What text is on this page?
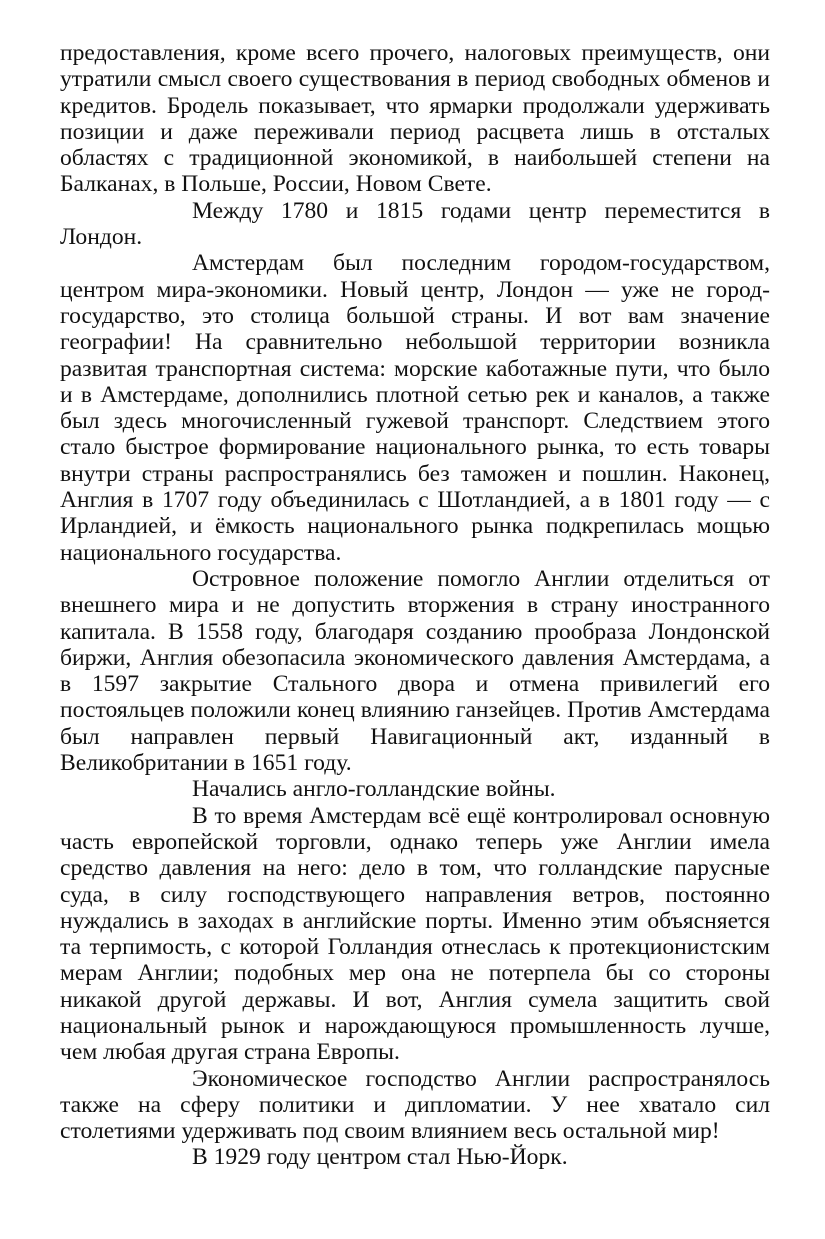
предоставления, кроме всего прочего, налоговых преимуществ, они утратили смысл своего существования в период свободных обменов и кредитов. Бродель показывает, что ярмарки продолжали удерживать позиции и даже переживали период расцвета лишь в отсталых областях с традиционной экономикой, в наибольшей степени на Балканах, в Польше, России, Новом Свете.

Между 1780 и 1815 годами центр переместится в Лондон.

Амстердам был последним городом-государством, центром мира-экономики. Новый центр, Лондон — уже не город-государство, это столица большой страны. И вот вам значение географии! На сравнительно небольшой территории возникла развитая транспортная система: морские каботажные пути, что было и в Амстердаме, дополнились плотной сетью рек и каналов, а также был здесь многочисленный гужевой транспорт. Следствием этого стало быстрое формирование национального рынка, то есть товары внутри страны распространялись без таможен и пошлин. Наконец, Англия в 1707 году объединилась с Шотландией, а в 1801 году — с Ирландией, и ёмкость национального рынка подкрепилась мощью национального государства.

Островное положение помогло Англии отделиться от внешнего мира и не допустить вторжения в страну иностранного капитала. В 1558 году, благодаря созданию прообраза Лондонской биржи, Англия обезопасила экономического давления Амстердама, а в 1597 закрытие Стального двора и отмена привилегий его постояльцев положили конец влиянию ганзейцев. Против Амстердама был направлен первый Навигационный акт, изданный в Великобритании в 1651 году.

Начались англо-голландские войны.

В то время Амстердам всё ещё контролировал основную часть европейской торговли, однако теперь уже Англии имела средство давления на него: дело в том, что голландские парусные суда, в силу господствующего направления ветров, постоянно нуждались в заходах в английские порты. Именно этим объясняется та терпимость, с которой Голландия отнеслась к протекционистским мерам Англии; подобных мер она не потерпела бы со стороны никакой другой державы. И вот, Англия сумела защитить свой национальный рынок и нарождающуюся промышленность лучше, чем любая другая страна Европы.

Экономическое господство Англии распространялось также на сферу политики и дипломатии. У нее хватало сил столетиями удерживать под своим влиянием весь остальной мир!

В 1929 году центром стал Нью-Йорк.
